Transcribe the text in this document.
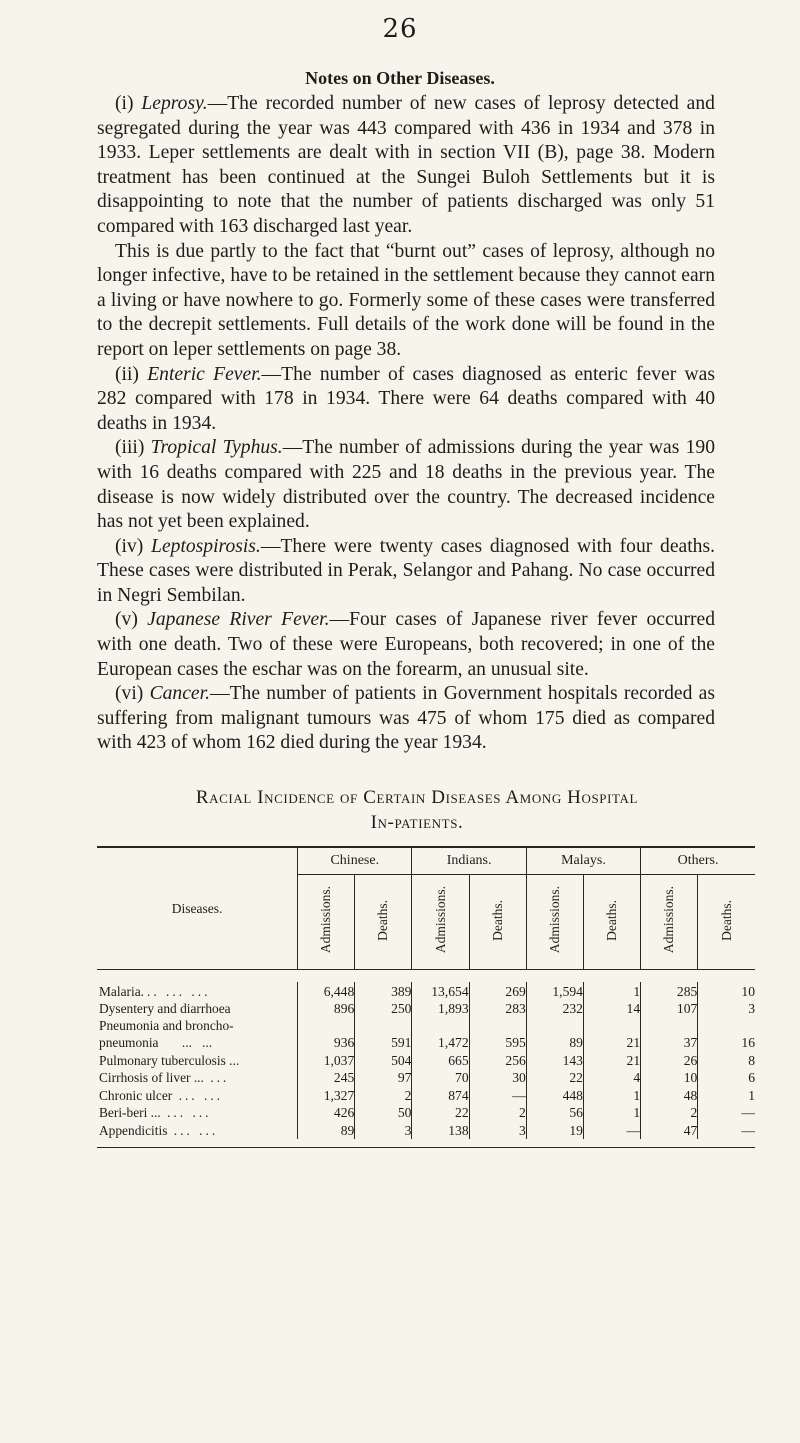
26
Notes on Other Diseases.

(i) Leprosy.—The recorded number of new cases of leprosy detected and segregated during the year was 443 compared with 436 in 1934 and 378 in 1933. Leper settlements are dealt with in section VII (B), page 38. Modern treatment has been continued at the Sungei Buloh Settlements but it is disappointing to note that the number of patients discharged was only 51 compared with 163 discharged last year.

This is due partly to the fact that “burnt out” cases of leprosy, although no longer infective, have to be retained in the settlement because they cannot earn a living or have nowhere to go. Formerly some of these cases were transferred to the decrepit settlements. Full details of the work done will be found in the report on leper settlements on page 38.

(ii) Enteric Fever.—The number of cases diagnosed as enteric fever was 282 compared with 178 in 1934. There were 64 deaths compared with 40 deaths in 1934.

(iii) Tropical Typhus.—The number of admissions during the year was 190 with 16 deaths compared with 225 and 18 deaths in the previous year. The disease is now widely distributed over the country. The decreased incidence has not yet been explained.

(iv) Leptospirosis.—There were twenty cases diagnosed with four deaths. These cases were distributed in Perak, Selangor and Pahang. No case occurred in Negri Sembilan.

(v) Japanese River Fever.—Four cases of Japanese river fever occurred with one death. Two of these were Europeans, both recovered; in one of the European cases the eschar was on the forearm, an unusual site.

(vi) Cancer.—The number of patients in Government hospitals recorded as suffering from malignant tumours was 475 of whom 175 died as compared with 423 of whom 162 died during the year 1934.

Racial Incidence of Certain Diseases Among Hospital
In-patients.
Diseases.	Chinese.		Indians.		Malays.		Others.	
	Admissions.	Deaths.	Admissions.	Deaths.	Admissions.	Deaths.	Admissions.	Deaths.

Malaria... ... ...	6,448	389	13,654	269	1,594	1	285	10
Dysentery and diarrhoea	896	250	1,893	283	232	14	107	3
Pneumonia and broncho-
pneumonia       ...   ...	936	591	1,472	595	89	21	37	16
Pulmonary tuberculosis ...	1,037	504	665	256	143	21	26	8
Cirrhosis of liver ... ...	245	97	70	30	22	4	10	6
Chronic ulcer ... ...	1,327	2	874	—	448	1	48	1
Beri-beri ... ... ...	426	50	22	2	56	1	2	—
Appendicitis ... ...	89	3	138	3	19	—	47	—
